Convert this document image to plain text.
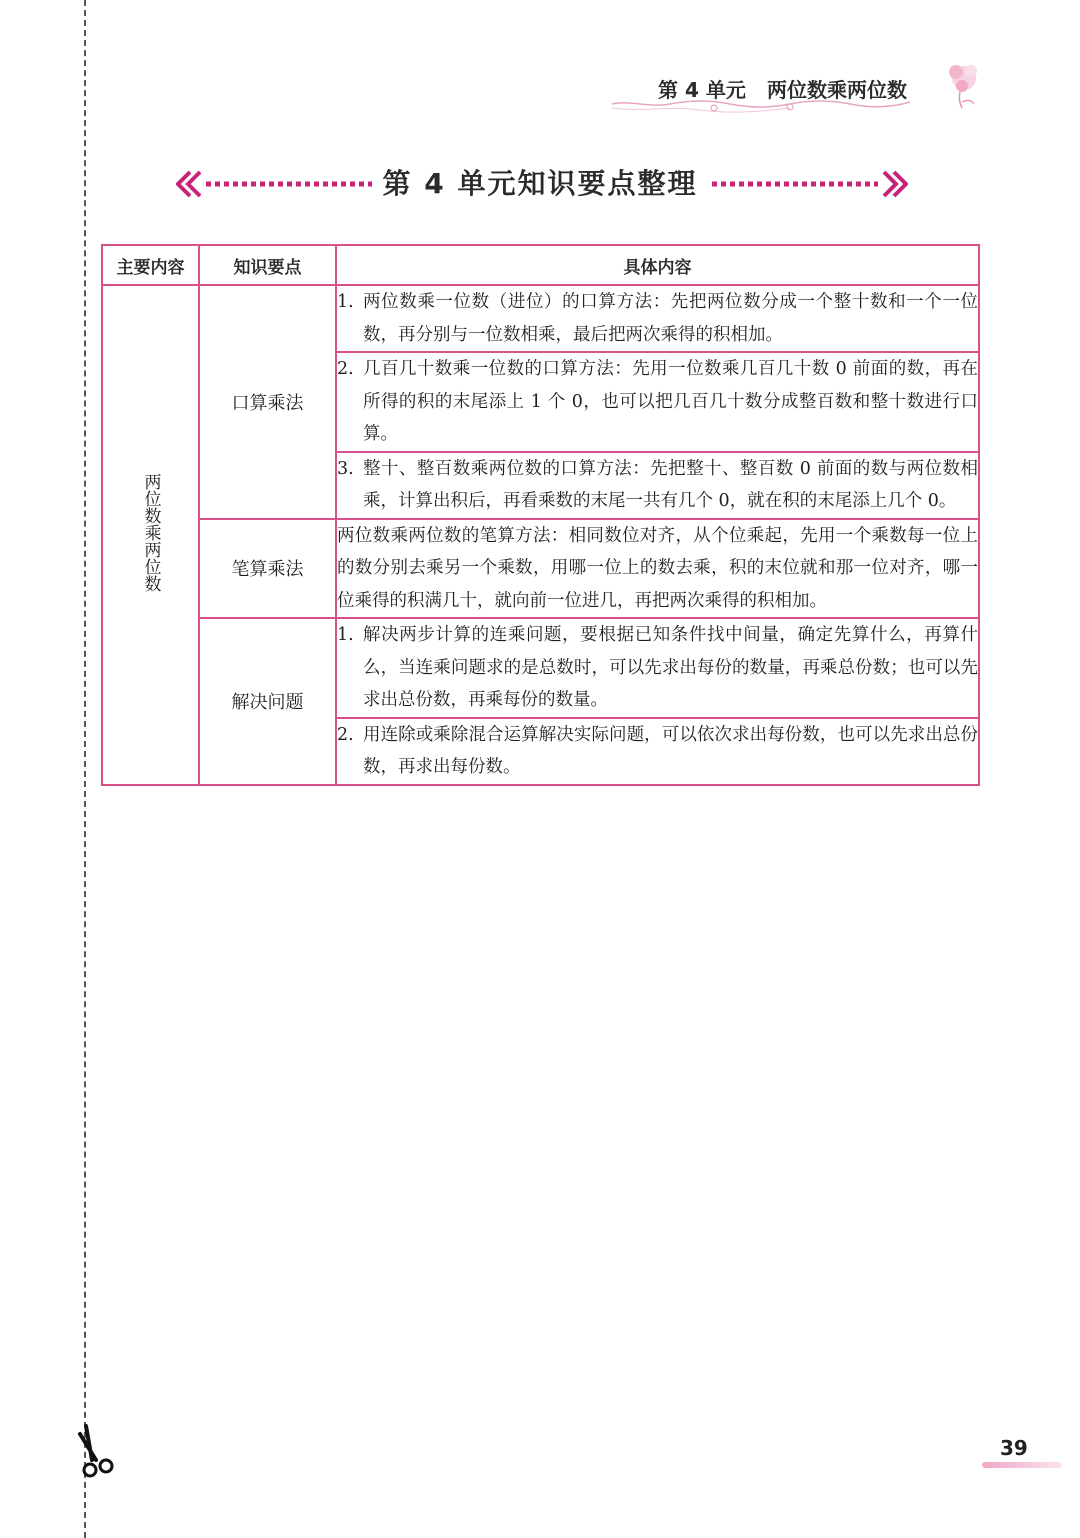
第 4 单元 两位数乘两位数
第 4 单元知识要点整理
主要内容	知识要点	具体内容
两位数乘两位数	口算乘法	1. 两位数乘一位数（进位）的口算方法：先把两位数分成一个整十数和一个一位数，再分别与一位数相乘，最后把两次乘得的积相加。

		2. 几百几十数乘一位数的口算方法：先用一位数乘几百几十数 0 前面的数，再在所得的积的末尾添上 1 个 0，也可以把几百几十数分成整百数和整十数进行口算。

		3. 整十、整百数乘两位数的口算方法：先把整十、整百数 0 前面的数与两位数相乘，计算出积后，再看乘数的末尾一共有几个 0，就在积的末尾添上几个 0。

	笔算乘法	两位数乘两位数的笔算方法：相同数位对齐，从个位乘起，先用一个乘数每一位上的数分别去乘另一个乘数，用哪一位上的数去乘，积的末位就和那一位对齐，哪一位乘得的积满几十，就向前一位进几，再把两次乘得的积相加。
	解决问题	1. 解决两步计算的连乘问题，要根据已知条件找中间量，确定先算什么，再算什么，当连乘问题求的是总数时，可以先求出每份的数量，再乘总份数；也可以先求出总份数，再乘每份的数量。

		2. 用连除或乘除混合运算解决实际问题，可以依次求出每份数，也可以先求出总份数，再求出每份数。
39
